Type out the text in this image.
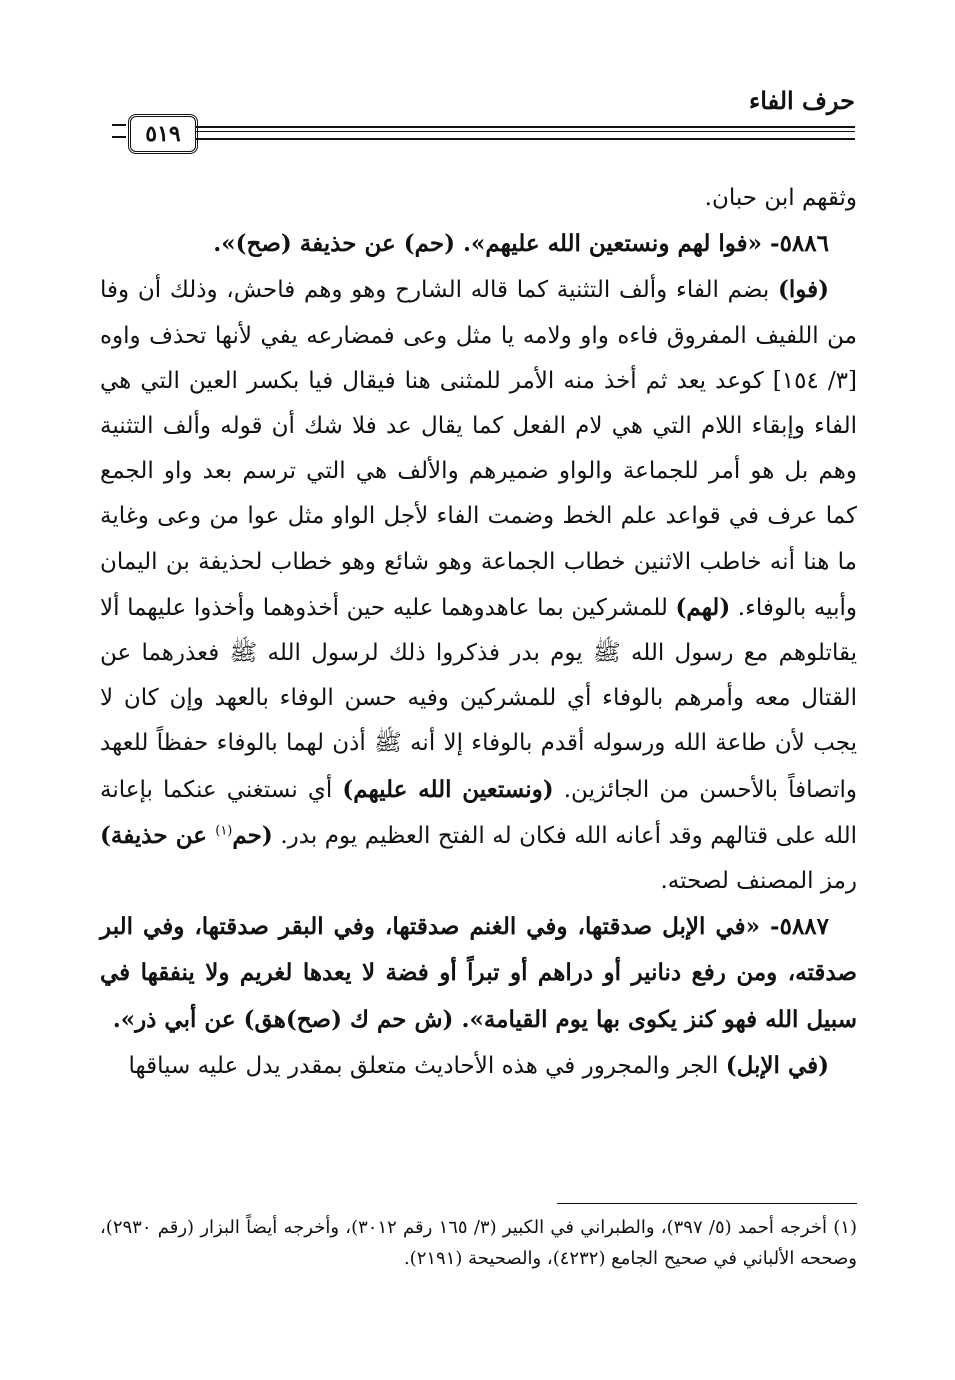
حرف الفاء
٥١٩

وثقهم ابن حبان.

٥٨٨٦- «فوا لهم ونستعين الله عليهم». (حم) عن حذيفة (صح)».

(فوا) بضم الفاء وألف التثنية كما قاله الشارح وهو وهم فاحش، وذلك أن وفا من اللفيف المفروق فاءه واو ولامه يا مثل وعى فمضارعه يفي لأنها تحذف واوه [٣/ ١٥٤] كوعد يعد ثم أخذ منه الأمر للمثنى هنا فيقال فيا بكسر العين التي هي الفاء وإبقاء اللام التي هي لام الفعل كما يقال عد فلا شك أن قوله وألف التثنية وهم بل هو أمر للجماعة والواو ضميرهم والألف هي التي ترسم بعد واو الجمع كما عرف في قواعد علم الخط وضمت الفاء لأجل الواو مثل عوا من وعى وغاية ما هنا أنه خاطب الاثنين خطاب الجماعة وهو شائع وهو خطاب لحذيفة بن اليمان وأبيه بالوفاء. (لهم) للمشركين بما عاهدوهما عليه حين أخذوهما وأخذوا عليهما ألا يقاتلوهم مع رسول الله ﷺ يوم بدر فذكروا ذلك لرسول الله ﷺ فعذرهما عن القتال معه وأمرهم بالوفاء أي للمشركين وفيه حسن الوفاء بالعهد وإن كان لا يجب لأن طاعة الله ورسوله أقدم بالوفاء إلا أنه ﷺ أذن لهما بالوفاء حفظاً للعهد واتصافاً بالأحسن من الجائزين. (ونستعين الله عليهم) أي نستغني عنكما بإعانة الله على قتالهم وقد أعانه الله فكان له الفتح العظيم يوم بدر. (حم$^{(١)}$ عن حذيفة) رمز المصنف لصحته.

٥٨٨٧- «في الإبل صدقتها، وفي الغنم صدقتها، وفي البقر صدقتها، وفي البر صدقته، ومن رفع دنانير أو دراهم أو تبراً أو فضة لا يعدها لغريم ولا ينفقها في سبيل الله فهو كنز يكوى بها يوم القيامة». (ش حم ك (صح)هق) عن أبي ذر».

(في الإبل) الجر والمجرور في هذه الأحاديث متعلق بمقدر يدل عليه سياقها

(١) أخرجه أحمد (٥/ ٣٩٧)، والطبراني في الكبير (٣/ ١٦٥ رقم ٣٠١٢)، وأخرجه أيضاً البزار (رقم ٢٩٣٠)، وصححه الألباني في صحيح الجامع (٤٢٣٢)، والصحيحة (٢١٩١).
